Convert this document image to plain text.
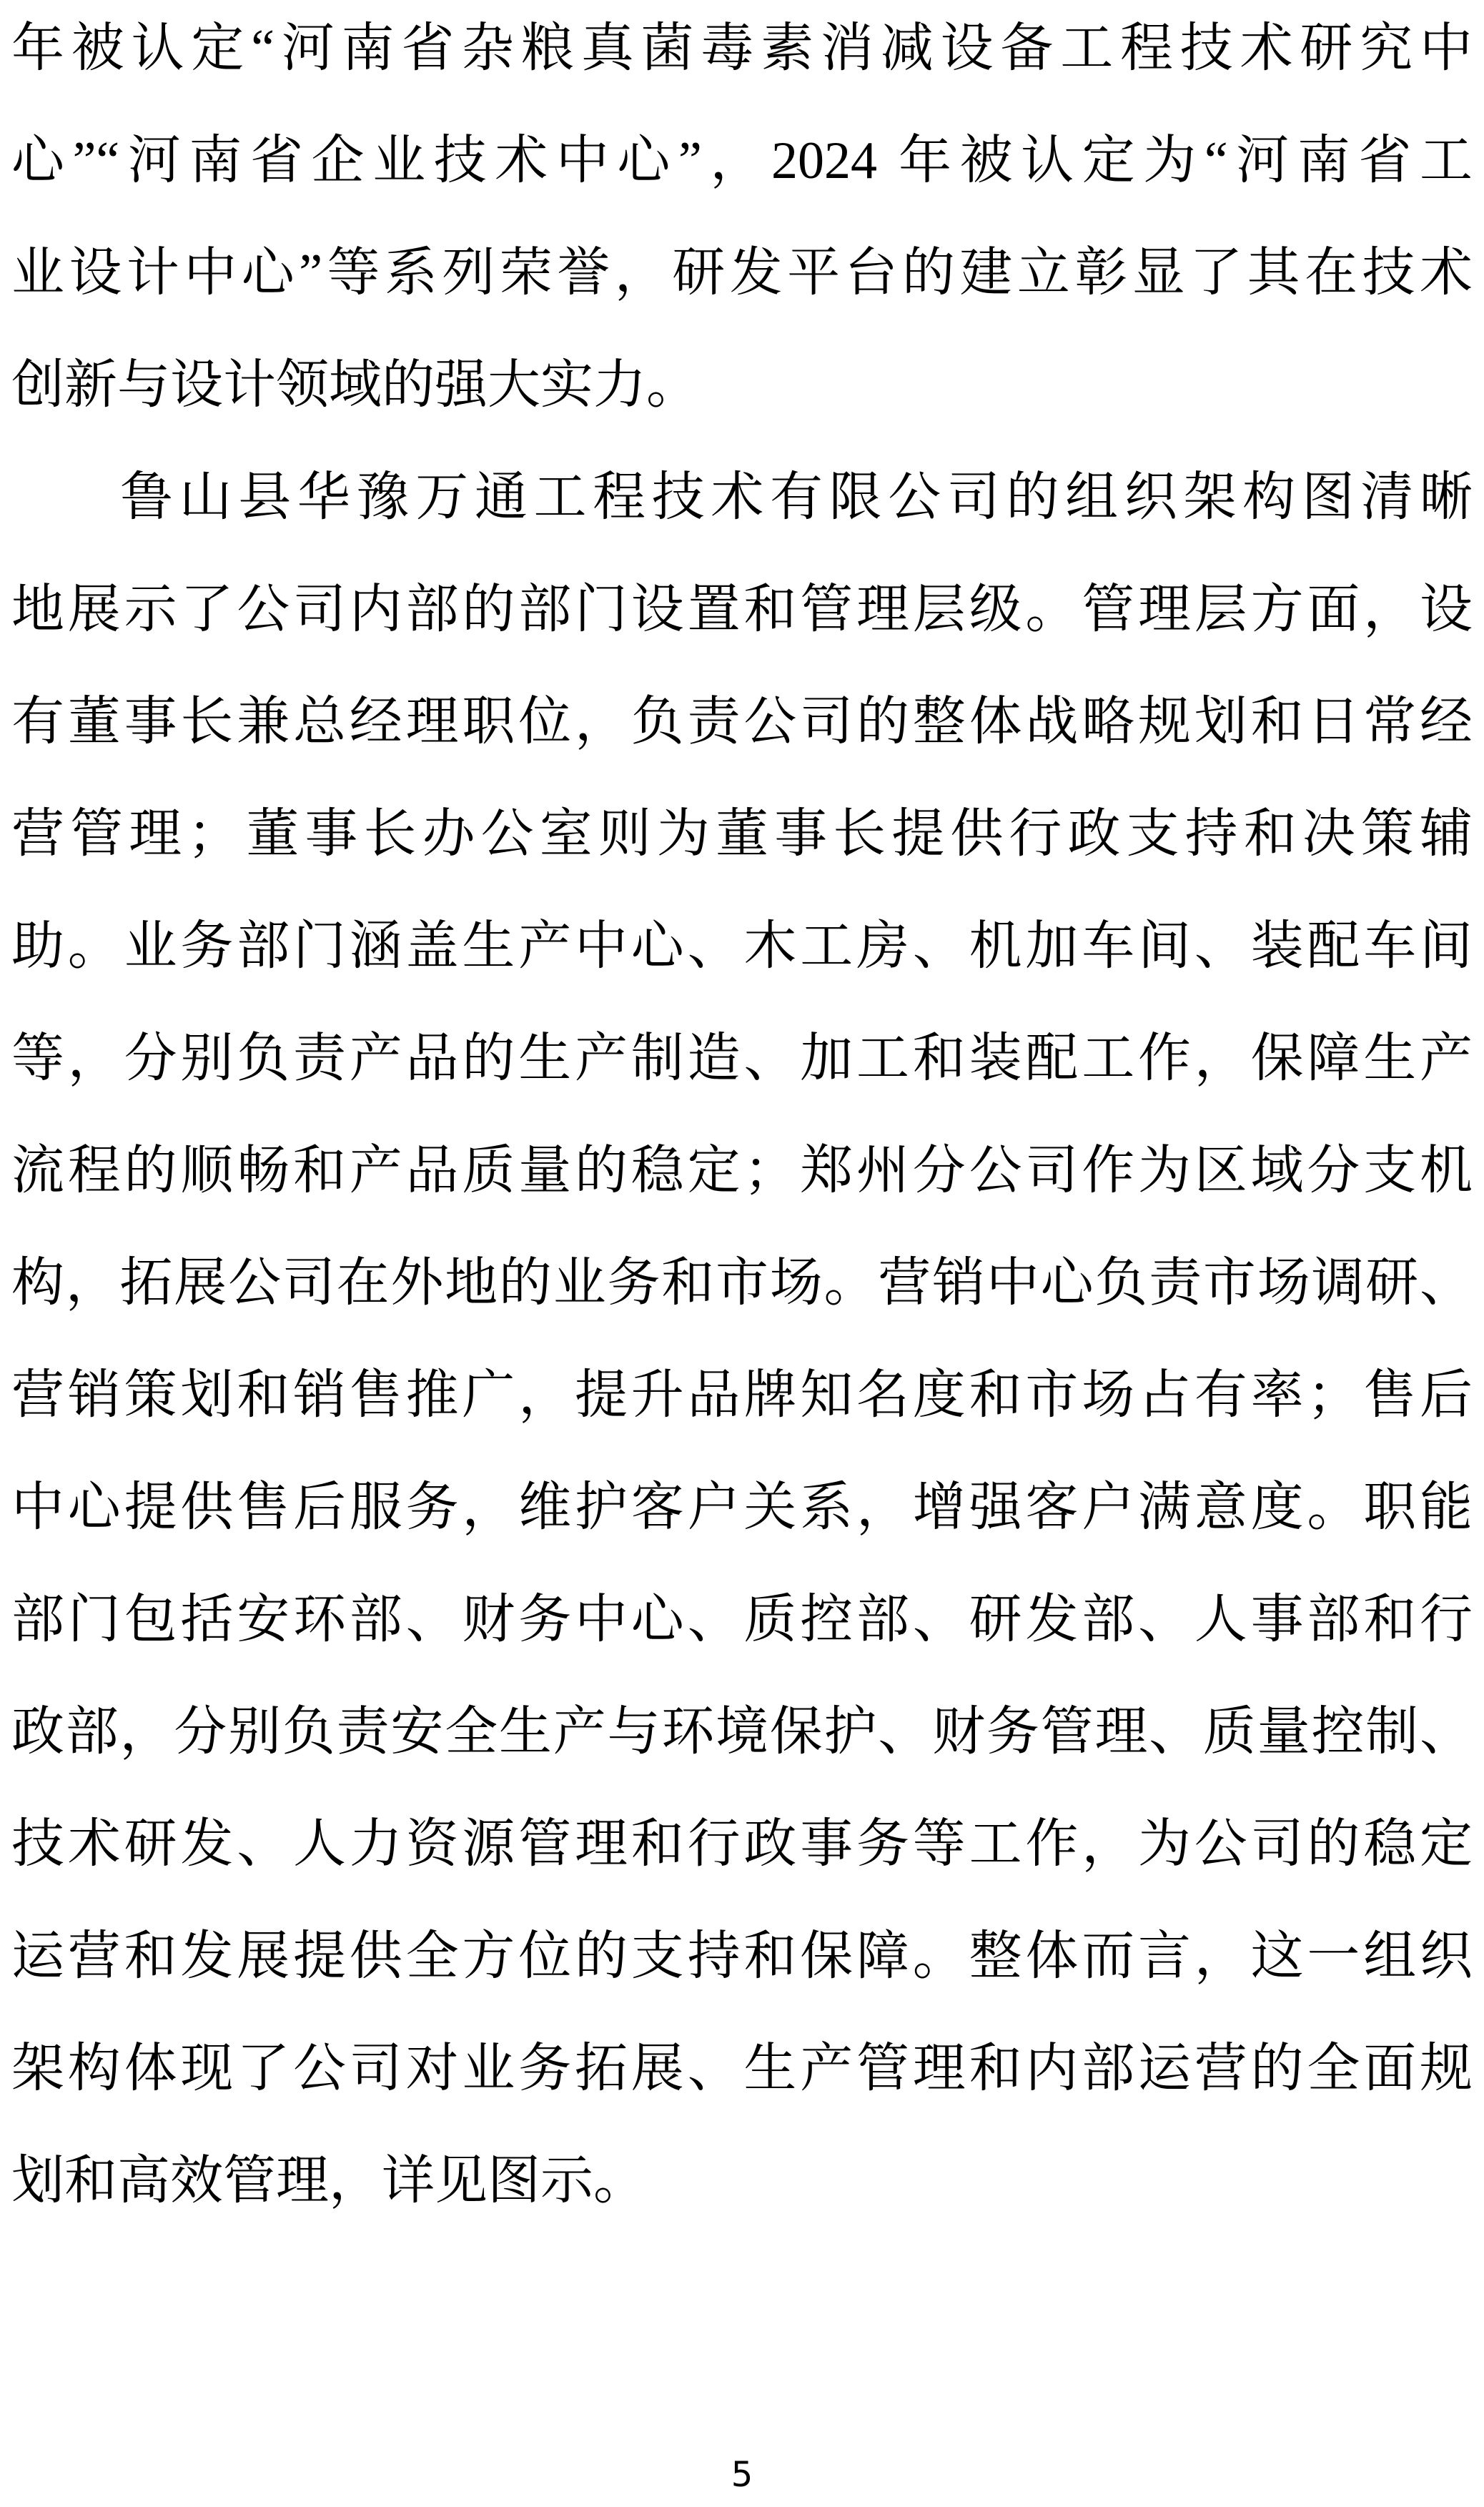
年被认定“河南省杂粮真菌毒素消减设备工程技术研究中
心”“河南省企业技术中心”，2024 年被认定为“河南省工
业设计中心”等系列荣誉，研发平台的建立彰显了其在技术
创新与设计领域的强大实力。
鲁山县华豫万通工程技术有限公司的组织架构图清晰
地展示了公司内部的部门设置和管理层级。管理层方面，设
有董事长兼总经理职位，负责公司的整体战略规划和日常经
营管理；董事长办公室则为董事长提供行政支持和决策辅
助。业务部门涵盖生产中心、木工房、机加车间、装配车间
等，分别负责产品的生产制造、加工和装配工作，保障生产
流程的顺畅和产品质量的稳定；郑州分公司作为区域分支机
构，拓展公司在外地的业务和市场。营销中心负责市场调研、
营销策划和销售推广，提升品牌知名度和市场占有率；售后
中心提供售后服务，维护客户关系，增强客户满意度。职能
部门包括安环部、财务中心、质控部、研发部、人事部和行
政部，分别负责安全生产与环境保护、财务管理、质量控制、
技术研发、人力资源管理和行政事务等工作，为公司的稳定
运营和发展提供全方位的支持和保障。整体而言，这一组织
架构体现了公司对业务拓展、生产管理和内部运营的全面规
划和高效管理，详见图示。
5
